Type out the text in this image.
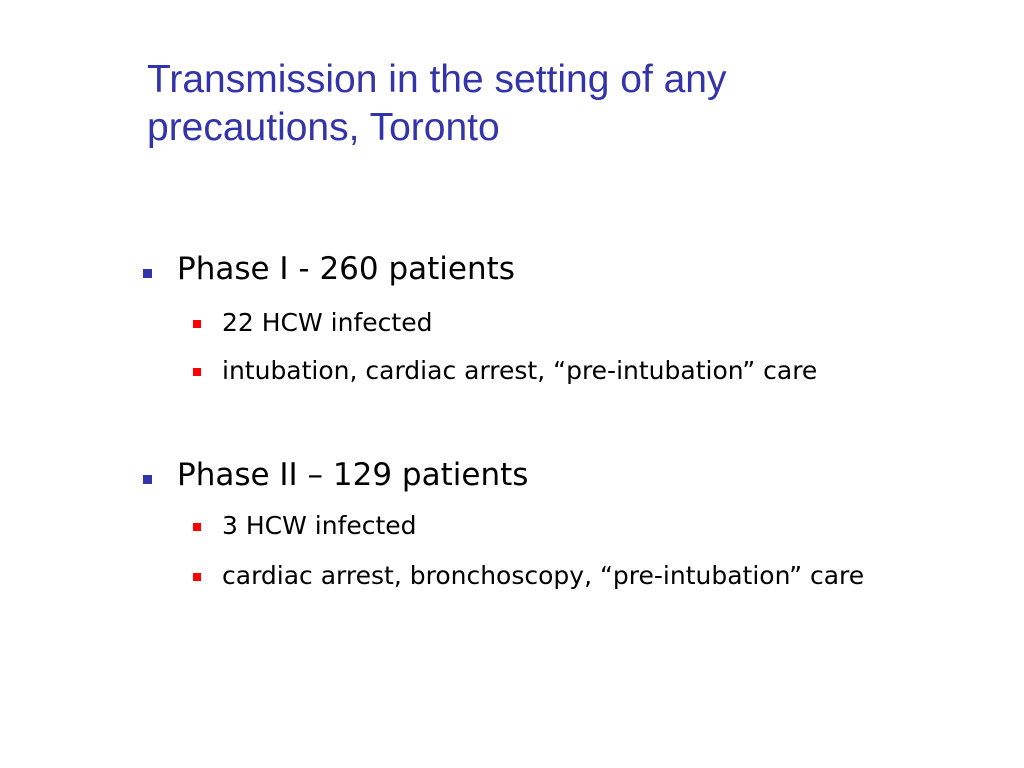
Transmission in the setting of any precautions, Toronto

Phase I - 260 patients

22 HCW infected

intubation, cardiac arrest, “pre-intubation” care

Phase II – 129 patients

3 HCW infected

cardiac arrest, bronchoscopy, “pre-intubation” care
